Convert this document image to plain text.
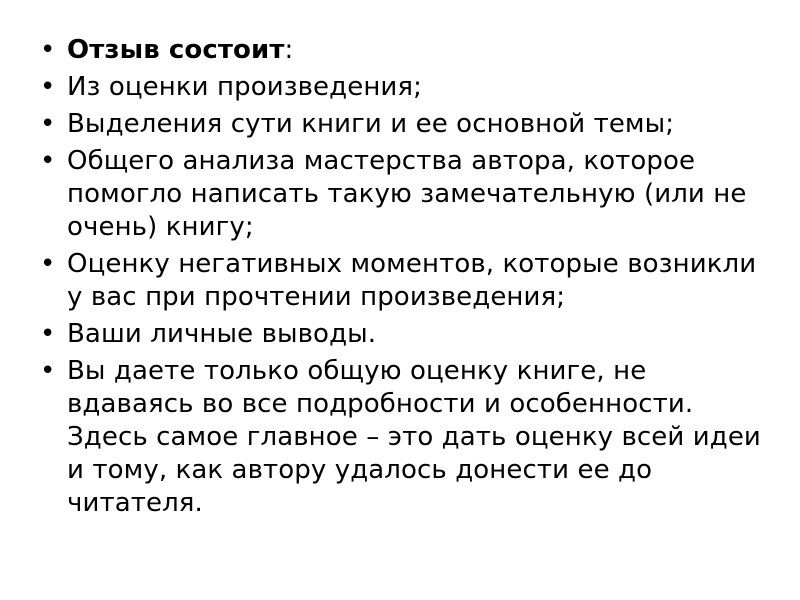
• Отзыв состоит:
• Из оценки произведения;
• Выделения сути книги и ее основной темы;
• Общего анализа мастерства автора, которое помогло написать такую замечательную (или не очень) книгу;
• Оценку негативных моментов, которые возникли у вас при прочтении произведения;
• Ваши личные выводы.
• Вы даете только общую оценку книге, не вдаваясь во все подробности и особенности. Здесь самое главное – это дать оценку всей идеи и тому, как автору удалось донести ее до читателя.
